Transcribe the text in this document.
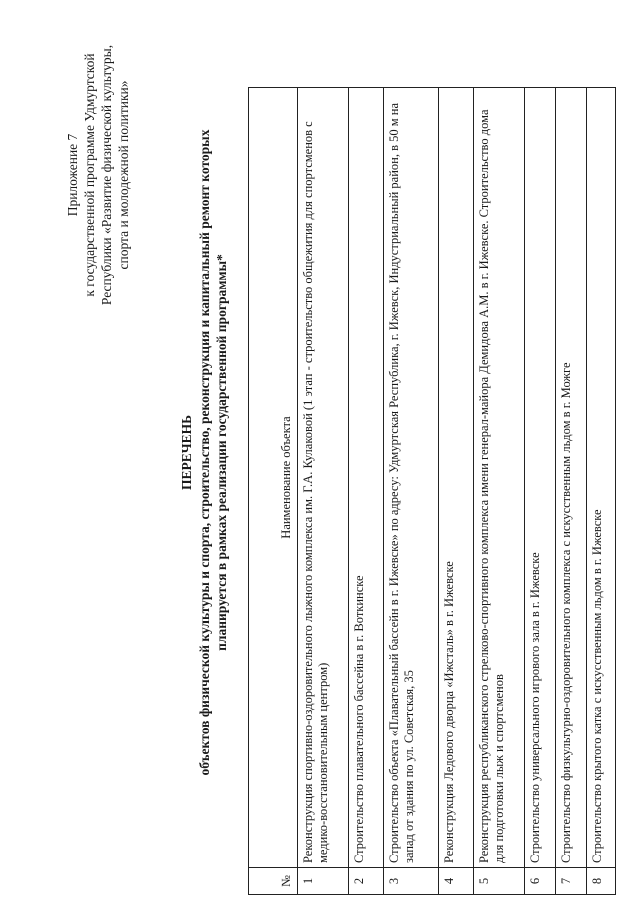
Приложение 7 к государственной программе Удмуртской Республики «Развитие физической культуры, спорта и молодежной политики»
ПЕРЕЧЕНЬ объектов физической культуры и спорта, строительство, реконструкция и капитальный ремонт которых планируется в рамках реализации государственной программы*
№	Наименование объекта
1	Реконструкция спортивно-оздоровительного лыжного комплекса им. Г.А. Кулаковой (1 этап - строительство общежития для спортсменов с медико-восстановительным центром)
2	Строительство плавательного бассейна в г. Воткинске
3	Строительство объекта «Плавательный бассейн в г. Ижевске» по адресу: Удмуртская Республика, г. Ижевск, Индустриальный район, в 50 м на запад от здания по ул. Советская, 35
4	Реконструкция Ледового дворца «Ижсталь» в г. Ижевске
5	Реконструкция республиканского стрелково-спортивного комплекса имени генерал-майора Демидова А.М. в г. Ижевске. Строительство дома для подготовки лыж и спортсменов
6	Строительство универсального игрового зала в г. Ижевске
7	Строительство физкультурно-оздоровительного комплекса с искусственным льдом в г. Можге
8	Строительство крытого катка с искусственным льдом в г. Ижевске
